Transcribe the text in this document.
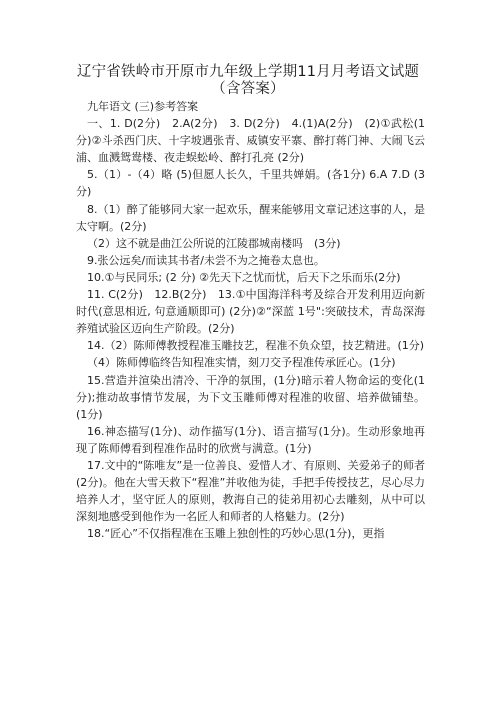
辽宁省铁岭市开原市九年级上学期11月月考语文试题
（含答案）

九年语文 (三)参考答案

一、1. D(2分)　2.A(2分)　3. D(2分)　4.(1)A(2分)　(2)①武松(1分)②斗杀西门庆、十字坡遇张青、威镇安平寨、醉打蒋门神、大闹飞云浦、血溅鸳鸯楼、夜走蜈蚣岭、醉打孔亮 (2分)

5.（1）-（4）略 (5)但愿人长久，千里共婵娟。(各1分) 6.A 7.D (3分)

8.（1）醉了能够同大家一起欢乐，醒来能够用文章记述这事的人，是太守啊。(2分)

（2）这不就是曲江公所说的江陵郡城南楼吗　(3分)

9.张公远矣/而读其书者/未尝不为之掩卷太息也。

10.①与民同乐; (2 分) ②先天下之忧而忧，后天下之乐而乐(2分)

11. C(2分)　12.B(2分)　13.①中国海洋科考及综合开发利用迈向新时代(意思相近, 句意通顺即可) (2分)②“深蓝 1号":突破技术，青岛深海养殖试验区迈向生产阶段。(2分)

14.（2）陈师傅教授程准玉雕技艺，程准不负众望，技艺精进。(1分)

（4）陈师傅临终告知程准实情，刻刀交予程准传承匠心。(1分)

15.营造并渲染出清冷、干净的氛围，(1分)暗示着人物命运的变化(1分);推动故事情节发展，为下文玉雕师傅对程准的收留、培养做铺垫。(1分)

16.神态描写(1分)、动作描写(1分)、语言描写(1分)。生动形象地再现了陈师傅看到程准作品时的欣赏与满意。(1分)

17.文中的“陈唯友”是一位善良、爱惜人才、有原则、关爱弟子的师者(2分)。他在大雪天救下“程准”并收他为徒，手把手传授技艺，尽心尽力培养人才，坚守匠人的原则，教海自己的徒弟用初心去雕刻，从中可以深刻地感受到他作为一名匠人和师者的人格魅力。(2分)

18.“匠心”不仅指程准在玉雕上独创性的巧妙心思(1分)，更指
